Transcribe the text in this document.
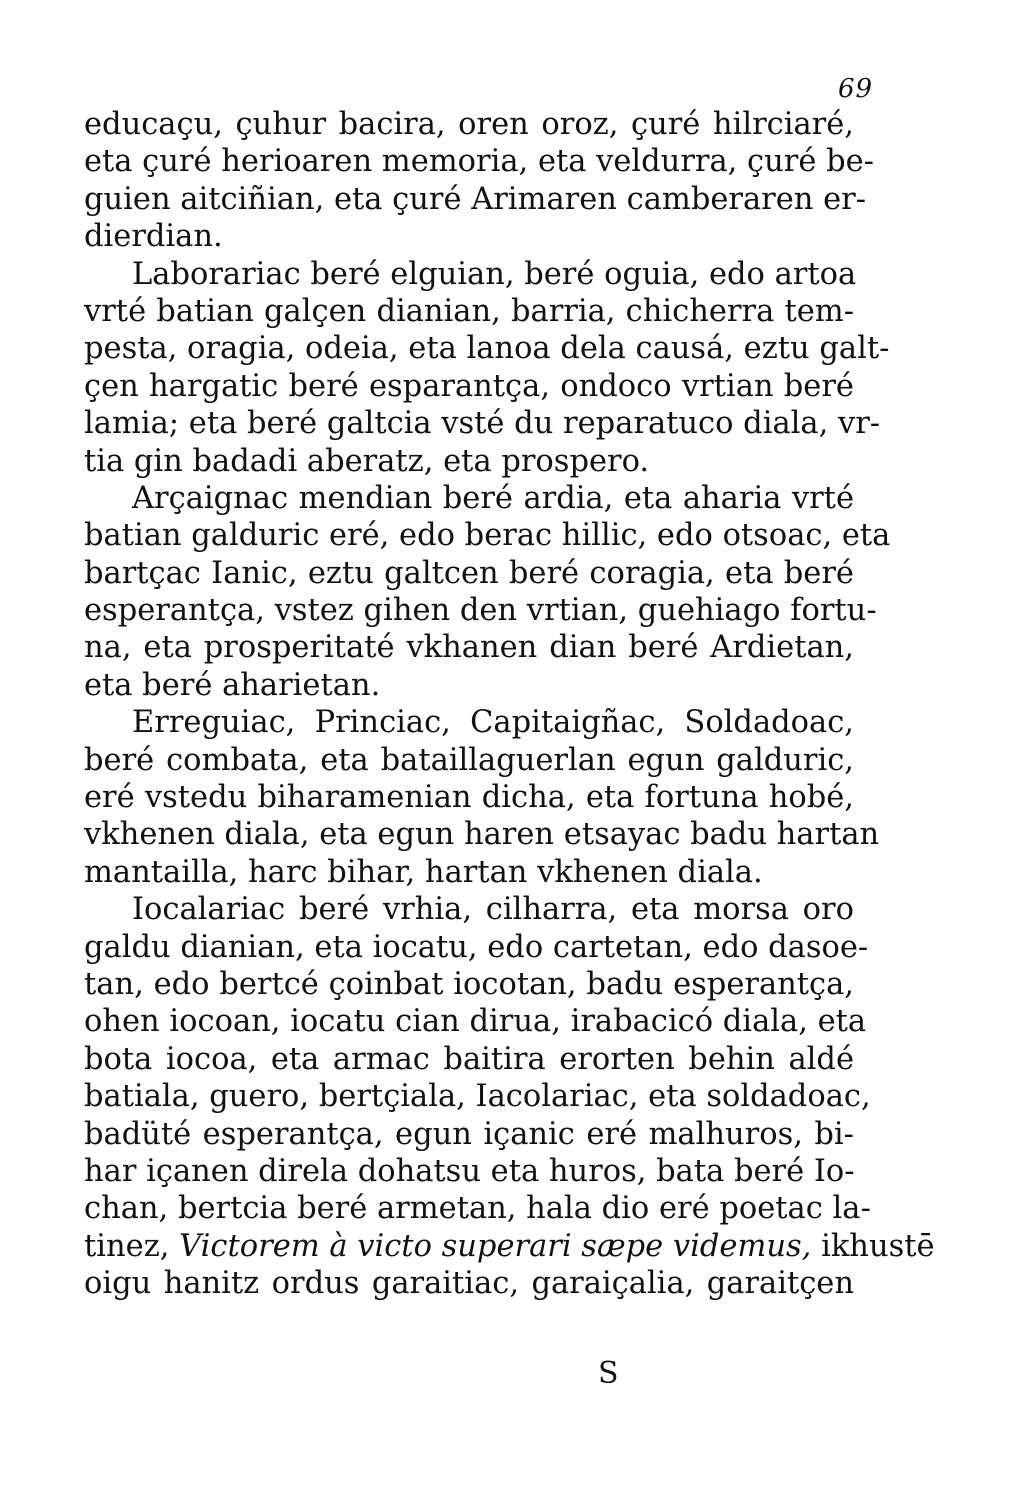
69
educaçu, çuhur bacira, oren oroz, çuré hilrciaré,
eta çuré herioaren memoria, eta veldurra, çuré be-
guien aitciñian, eta çuré Arimaren camberaren er-
dierdian.
Laborariac beré elguian, beré oguia, edo artoa
vrté batian galçen dianian, barria, chicherra tem-
pesta, oragia, odeia, eta lanoa dela causá, eztu galt-
çen hargatic beré esparantça, ondoco vrtian beré
lamia; eta beré galtcia vsté du reparatuco diala, vr-
tia gin badadi aberatz, eta prospero.
Arçaignac mendian beré ardia, eta aharia vrté
batian galduric eré, edo berac hillic, edo otsoac, eta
bartçac Ianic, eztu galtcen beré coragia, eta beré
esperantça, vstez gihen den vrtian, guehiago fortu-
na, eta prosperitaté vkhanen dian beré Ardietan,
eta beré aharietan.
Erreguiac, Princiac, Capitaigñac, Soldadoac,
beré combata, eta bataillaguerlan egun galduric,
eré vstedu biharamenian dicha, eta fortuna hobé,
vkhenen diala, eta egun haren etsayac badu hartan
mantailla, harc bihar, hartan vkhenen diala.
Iocalariac beré vrhia, cilharra, eta morsa oro
galdu dianian, eta iocatu, edo cartetan, edo dasoe-
tan, edo bertcé çoinbat iocotan, badu esperantça,
ohen iocoan, iocatu cian dirua, irabacicó diala, eta
bota iocoa, eta armac baitira erorten behin aldé
batiala, guero, bertçiala, Iacolariac, eta soldadoac,
badüté esperantça, egun içanic eré malhuros, bi-
har içanen direla dohatsu eta huros, bata beré Io-
chan, bertcia beré armetan, hala dio eré poetac la-
tinez, Victorem à victo superari sæpe videmus, ikhustē
oigu hanitz ordus garaitiac, garaiçalia, garaitçen
S
